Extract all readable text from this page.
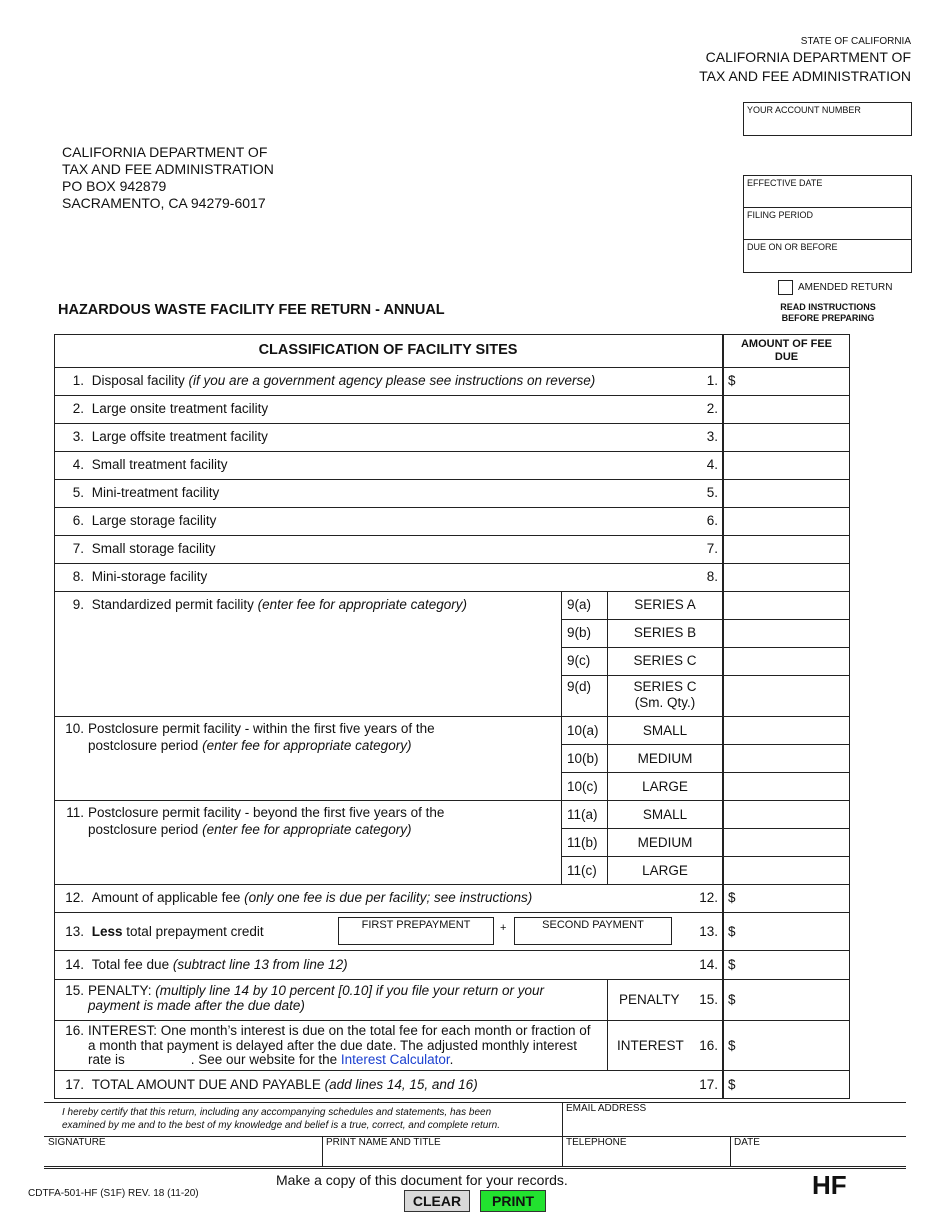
STATE OF CALIFORNIA
CALIFORNIA DEPARTMENT OF
TAX AND FEE ADMINISTRATION
YOUR ACCOUNT NUMBER
EFFECTIVE DATE
FILING PERIOD
DUE ON OR BEFORE
CALIFORNIA DEPARTMENT OF
TAX AND FEE ADMINISTRATION
PO BOX 942879
SACRAMENTO, CA 94279-6017
AMENDED RETURN
HAZARDOUS WASTE FACILITY FEE RETURN - ANNUAL	READ INSTRUCTIONS
BEFORE PREPARING
CLASSIFICATION OF FACILITY SITES	AMOUNT OF FEE
DUE
1. Disposal facility (if you are a government agency please see instructions on reverse)	1. $
2. Large onsite treatment facility	2.
3. Large offsite treatment facility	3.
4. Small treatment facility	4.
5. Mini-treatment facility	5.
6. Large storage facility	6.
7. Small storage facility	7.
8. Mini-storage facility	8.
9. Standardized permit facility (enter fee for appropriate category)	9(a)	SERIES A
9(b)	SERIES B
9(c)	SERIES C
9(d)	SERIES C
(Sm. Qty.)
10. Postclosure permit facility - within the first five years of the
postclosure period (enter fee for appropriate category)
10(a)	SMALL
10(b)	MEDIUM
10(c)	LARGE
11. Postclosure permit facility - beyond the first five years of the
postclosure period (enter fee for appropriate category)
11(a)	SMALL
11(b)	MEDIUM
11(c)	LARGE
12. Amount of applicable fee (only one fee is due per facility; see instructions)	12. $
13. Less total prepayment credit	FIRST PREPAYMENT	+	SECOND PAYMENT	13. $
14. Total fee due (subtract line 13 from line 12)	14. $
15. PENALTY: (multiply line 14 by 10 percent [0.10] if you file your return or your
payment is made after the due date)	PENALTY	15. $
16. INTEREST: One month’s interest is due on the total fee for each month or fraction of
a month that payment is delayed after the due date. The adjusted monthly interest
rate is	. See our website for the Interest Calculator.
INTEREST	16. $
17. TOTAL AMOUNT DUE AND PAYABLE (add lines 14, 15, and 16)	17. $
I hereby certify that this return, including any accompanying schedules and statements, has been
examined by me and to the best of my knowledge and belief is a true, correct, and complete return.
EMAIL ADDRESS
SIGNATURE	PRINT NAME AND TITLE	TELEPHONE	DATE
CDTFA-501-HF (S1F) REV. 18 (11-20)
Make a copy of this document for your records.
CLEAR	PRINT
HF
